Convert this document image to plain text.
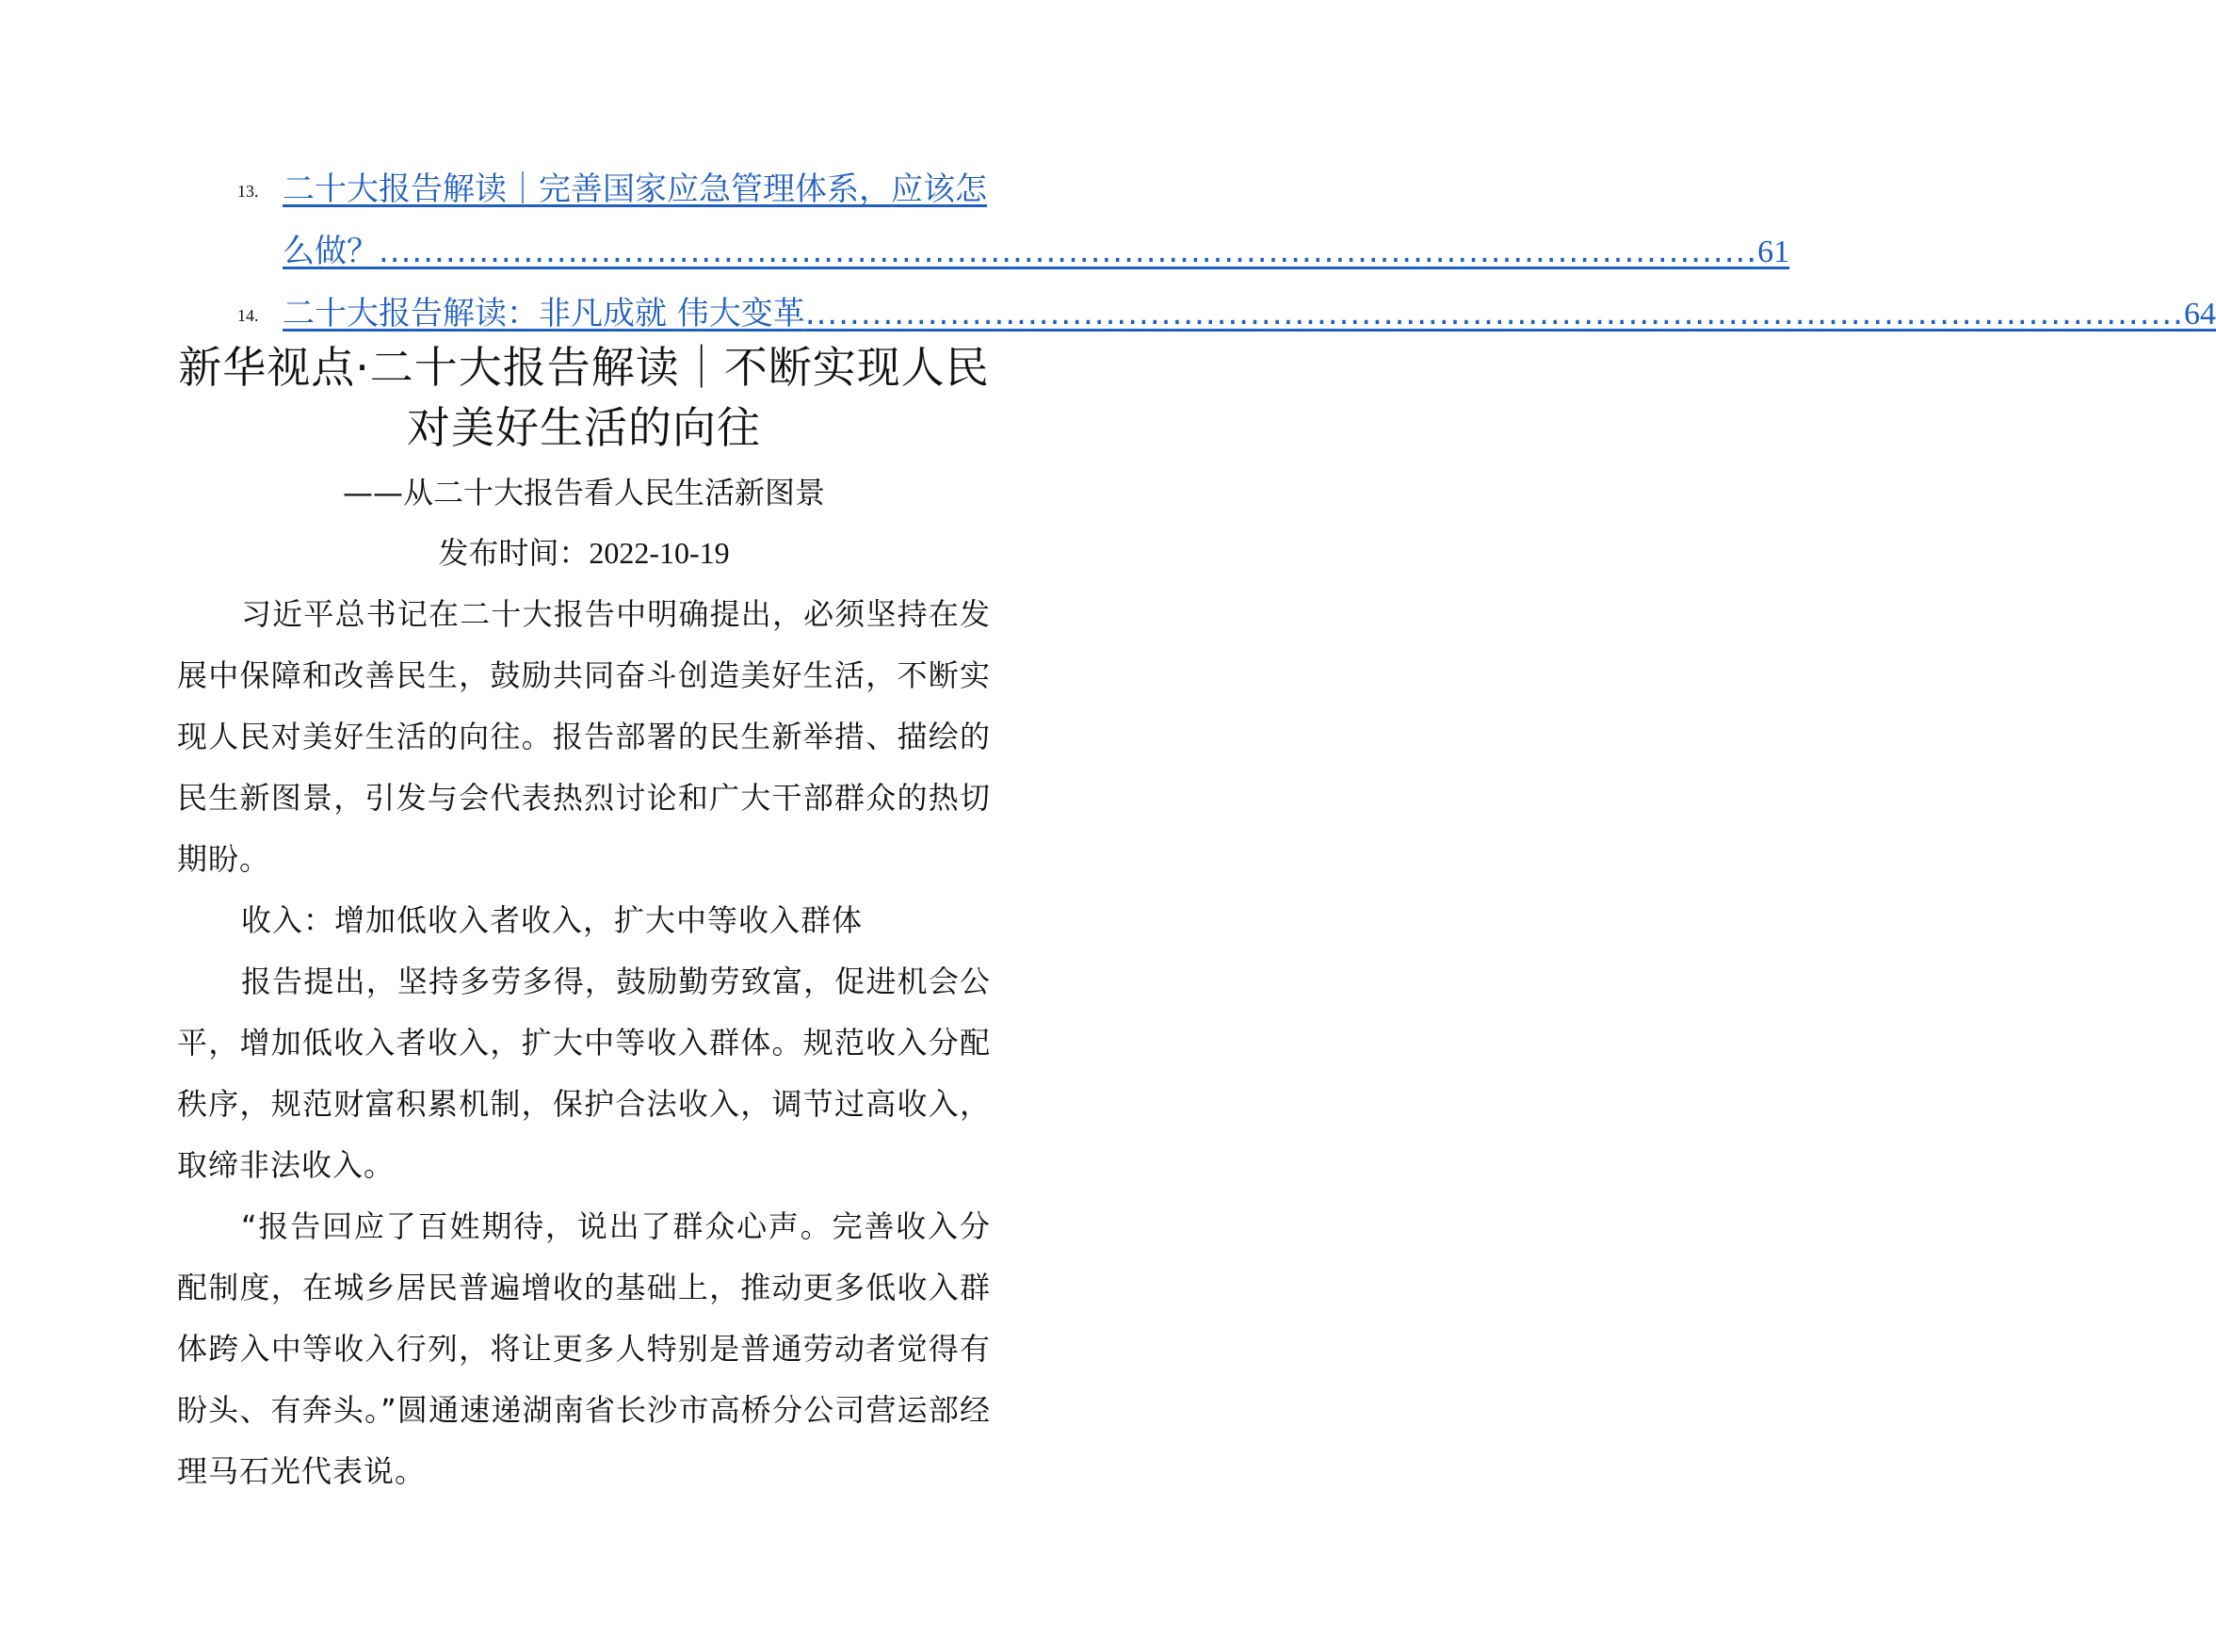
13. 二十大报告解读｜完善国家应急管理体系，应该怎
么做？ ............................................................................................................................ 61
14. 二十大报告解读：非凡成就 伟大变革 ............................................................................................................................ 64
新华视点·二十大报告解读｜不断实现人民
对美好生活的向往
——从二十大报告看人民生活新图景
发布时间：2022-10-19

习近平总书记在二十大报告中明确提出，必须坚持在发展中保障和改善民生，鼓励共同奋斗创造美好生活，不断实现人民对美好生活的向往。报告部署的民生新举措、描绘的民生新图景，引发与会代表热烈讨论和广大干部群众的热切期盼。

收入：增加低收入者收入，扩大中等收入群体

报告提出，坚持多劳多得，鼓励勤劳致富，促进机会公平，增加低收入者收入，扩大中等收入群体。规范收入分配秩序，规范财富积累机制，保护合法收入，调节过高收入，取缔非法收入。

“报告回应了百姓期待，说出了群众心声。完善收入分配制度，在城乡居民普遍增收的基础上，推动更多低收入群体跨入中等收入行列，将让更多人特别是普通劳动者觉得有盼头、有奔头。”圆通速递湖南省长沙市高桥分公司营运部经理马石光代表说。
